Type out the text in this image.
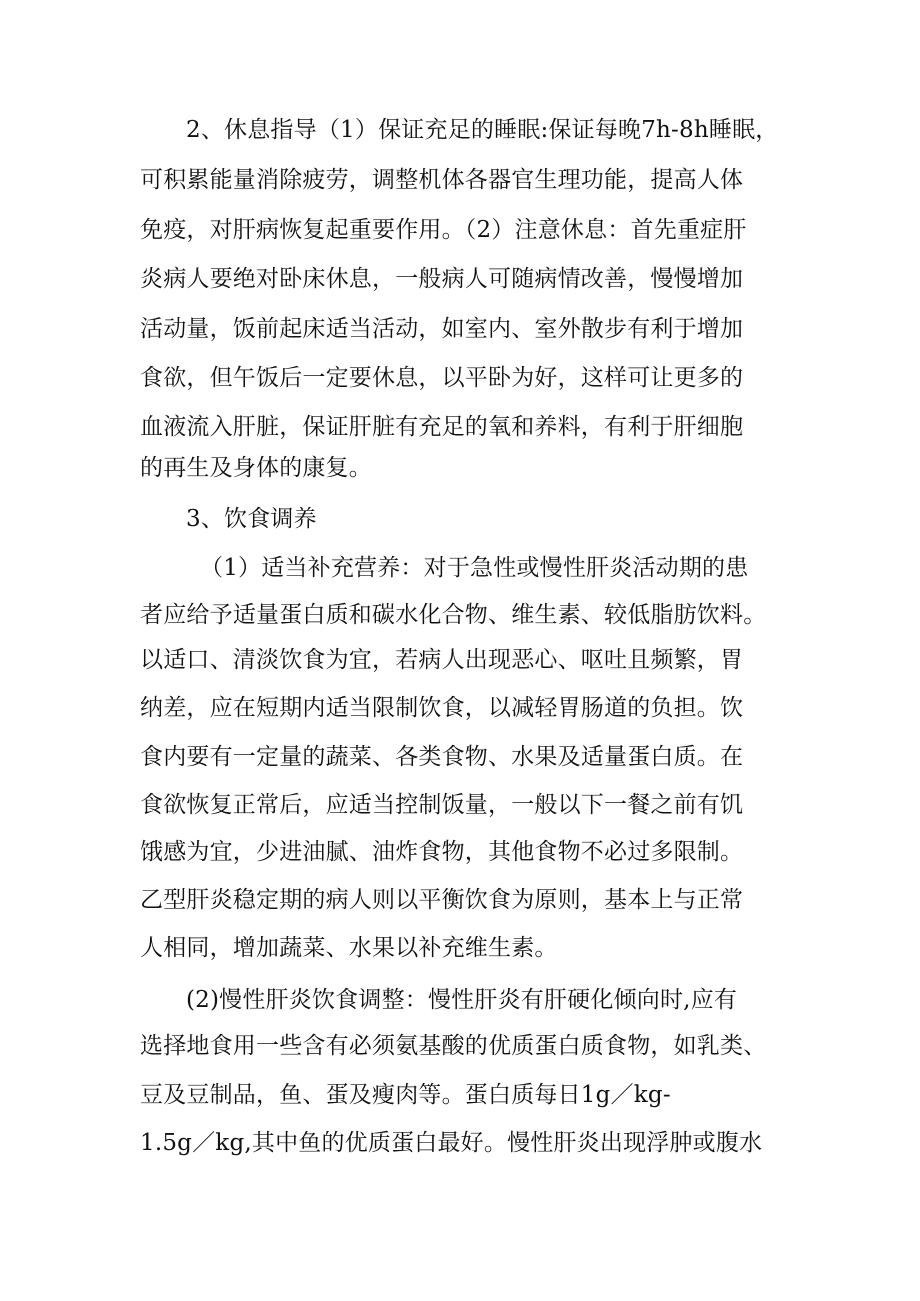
2、休息指导（1）保证充足的睡眠:保证每晚7h-8h睡眠，
可积累能量消除疲劳，调整机体各器官生理功能，提高人体
免疫，对肝病恢复起重要作用。（2）注意休息：首先重症肝
炎病人要绝对卧床休息，一般病人可随病情改善，慢慢增加
活动量，饭前起床适当活动，如室内、室外散步有利于增加
食欲，但午饭后一定要休息，以平卧为好，这样可让更多的
血液流入肝脏，保证肝脏有充足的氧和养料，有利于肝细胞
的再生及身体的康复。
3、饮食调养
（1）适当补充营养：对于急性或慢性肝炎活动期的患
者应给予适量蛋白质和碳水化合物、维生素、较低脂肪饮料。
以适口、清淡饮食为宜，若病人出现恶心、呕吐且频繁，胃
纳差，应在短期内适当限制饮食，以减轻胃肠道的负担。饮
食内要有一定量的蔬菜、各类食物、水果及适量蛋白质。在
食欲恢复正常后，应适当控制饭量，一般以下一餐之前有饥
饿感为宜，少进油腻、油炸食物，其他食物不必过多限制。
乙型肝炎稳定期的病人则以平衡饮食为原则，基本上与正常
人相同，增加蔬菜、水果以补充维生素。
(2)慢性肝炎饮食调整：慢性肝炎有肝硬化倾向时,应有
选择地食用一些含有必须氨基酸的优质蛋白质食物，如乳类、
豆及豆制品，鱼、蛋及瘦肉等。蛋白质每日1g／kg-
1.5g／kg,其中鱼的优质蛋白最好。慢性肝炎出现浮肿或腹水
